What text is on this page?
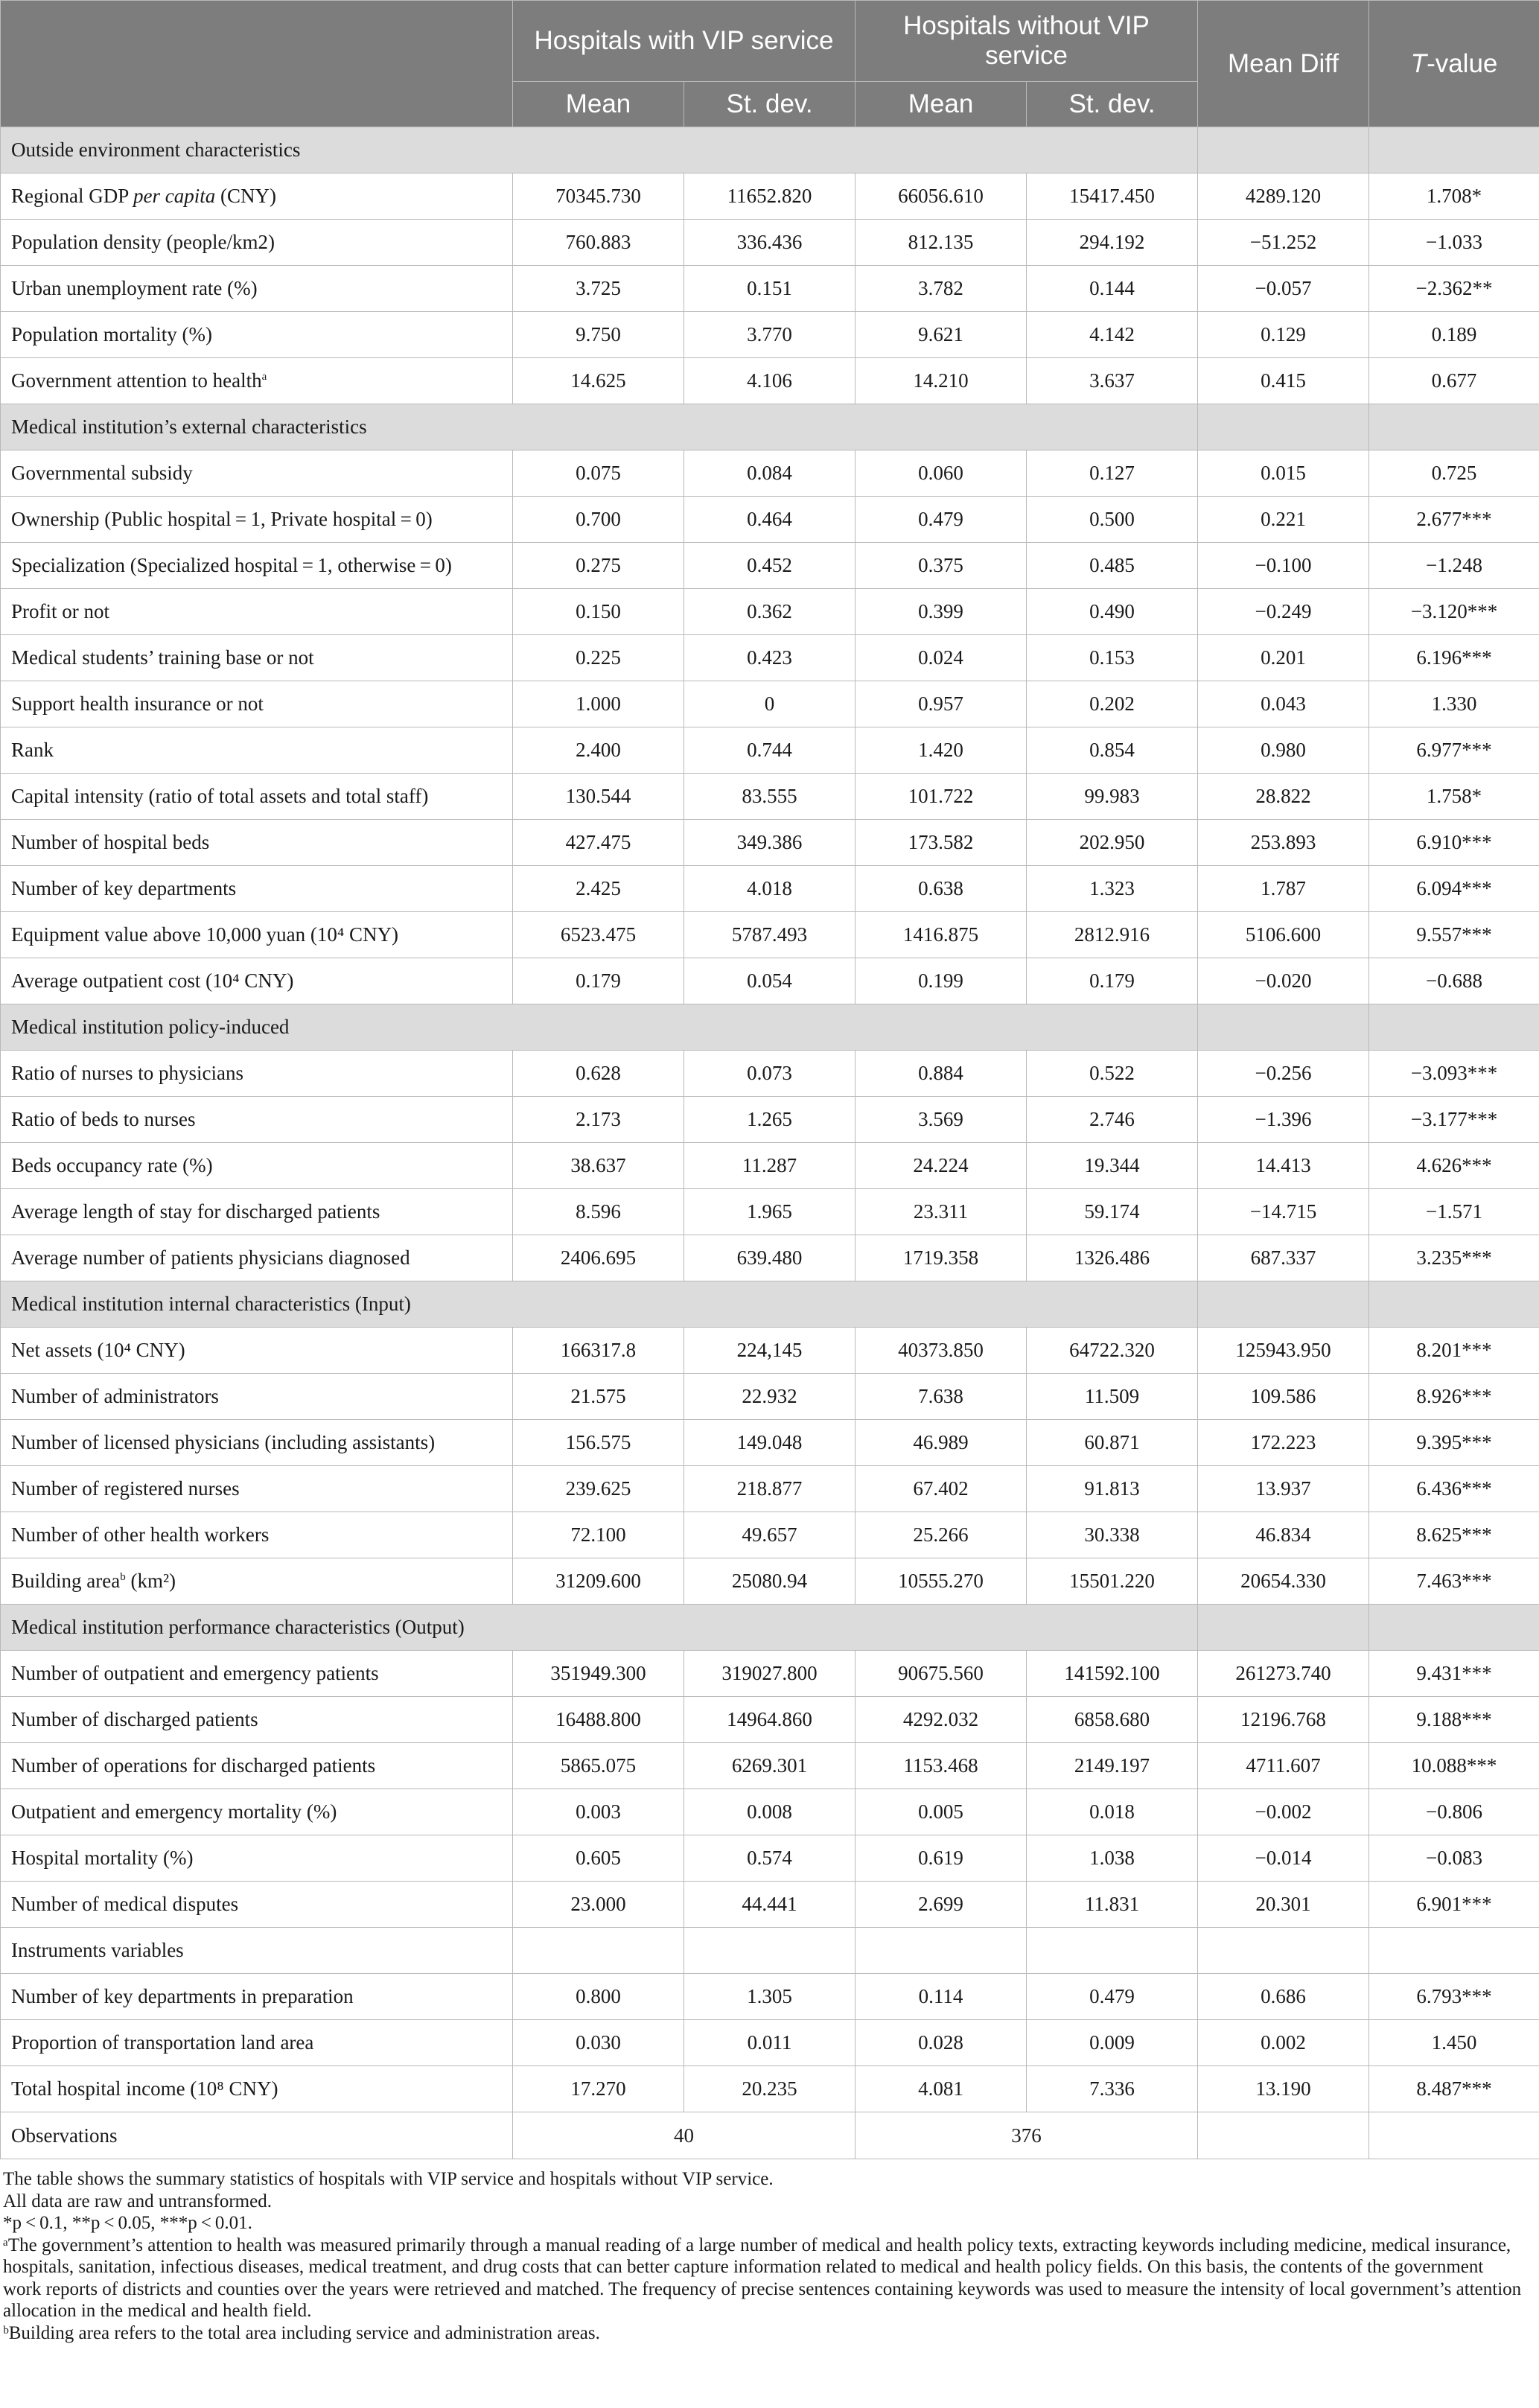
	Hospitals with VIP service		Hospitals without VIP service		Mean Diff	T-value
	Mean	St. dev.	Mean	St. dev.		
Outside environment characteristics						
Regional GDP per capita (CNY)	70345.730	11652.820	66056.610	15417.450	4289.120	1.708*
Population density (people/km2)	760.883	336.436	812.135	294.192	−51.252	−1.033
Urban unemployment rate (%)	3.725	0.151	3.782	0.144	−0.057	−2.362**
Population mortality (%)	9.750	3.770	9.621	4.142	0.129	0.189
Government attention to health$^a$	14.625	4.106	14.210	3.637	0.415	0.677
Medical institution’s external characteristics						
Governmental subsidy	0.075	0.084	0.060	0.127	0.015	0.725
Ownership (Public hospital = 1, Private hospital = 0)	0.700	0.464	0.479	0.500	0.221	2.677***
Specialization (Specialized hospital = 1, otherwise = 0)	0.275	0.452	0.375	0.485	−0.100	−1.248
Profit or not	0.150	0.362	0.399	0.490	−0.249	−3.120***
Medical students’ training base or not	0.225	0.423	0.024	0.153	0.201	6.196***
Support health insurance or not	1.000	0	0.957	0.202	0.043	1.330
Rank	2.400	0.744	1.420	0.854	0.980	6.977***
Capital intensity (ratio of total assets and total staff)	130.544	83.555	101.722	99.983	28.822	1.758*
Number of hospital beds	427.475	349.386	173.582	202.950	253.893	6.910***
Number of key departments	2.425	4.018	0.638	1.323	1.787	6.094***
Equipment value above 10,000 yuan (10⁴ CNY)	6523.475	5787.493	1416.875	2812.916	5106.600	9.557***
Average outpatient cost (10⁴ CNY)	0.179	0.054	0.199	0.179	−0.020	−0.688
Medical institution policy-induced						
Ratio of nurses to physicians	0.628	0.073	0.884	0.522	−0.256	−3.093***
Ratio of beds to nurses	2.173	1.265	3.569	2.746	−1.396	−3.177***
Beds occupancy rate (%)	38.637	11.287	24.224	19.344	14.413	4.626***
Average length of stay for discharged patients	8.596	1.965	23.311	59.174	−14.715	−1.571
Average number of patients physicians diagnosed	2406.695	639.480	1719.358	1326.486	687.337	3.235***
Medical institution internal characteristics (Input)						
Net assets (10⁴ CNY)	166317.8	224,145	40373.850	64722.320	125943.950	8.201***
Number of administrators	21.575	22.932	7.638	11.509	109.586	8.926***
Number of licensed physicians (including assistants)	156.575	149.048	46.989	60.871	172.223	9.395***
Number of registered nurses	239.625	218.877	67.402	91.813	13.937	6.436***
Number of other health workers	72.100	49.657	25.266	30.338	46.834	8.625***
Building area$^b$ (km²)	31209.600	25080.94	10555.270	15501.220	20654.330	7.463***
Medical institution performance characteristics (Output)						
Number of outpatient and emergency patients	351949.300	319027.800	90675.560	141592.100	261273.740	9.431***
Number of discharged patients	16488.800	14964.860	4292.032	6858.680	12196.768	9.188***
Number of operations for discharged patients	5865.075	6269.301	1153.468	2149.197	4711.607	10.088***
Outpatient and emergency mortality (%)	0.003	0.008	0.005	0.018	−0.002	−0.806
Hospital mortality (%)	0.605	0.574	0.619	1.038	−0.014	−0.083
Number of medical disputes	23.000	44.441	2.699	11.831	20.301	6.901***
Instruments variables						
Number of key departments in preparation	0.800	1.305	0.114	0.479	0.686	6.793***
Proportion of transportation land area	0.030	0.011	0.028	0.009	0.002	1.450
Total hospital income (10⁸ CNY)	17.270	20.235	4.081	7.336	13.190	8.487***
Observations	40		376			

The table shows the summary statistics of hospitals with VIP service and hospitals without VIP service.

All data are raw and untransformed.

*p < 0.1, **p < 0.05, ***p < 0.01.

ᵃThe government’s attention to health was measured primarily through a manual reading of a large number of medical and health policy texts, extracting keywords including medicine, medical insurance, hospitals, sanitation, infectious diseases, medical treatment, and drug costs that can better capture information related to medical and health policy fields. On this basis, the contents of the government work reports of districts and counties over the years were retrieved and matched. The frequency of precise sentences containing keywords was used to measure the intensity of local government’s attention allocation in the medical and health field.

ᵇBuilding area refers to the total area including service and administration areas.
